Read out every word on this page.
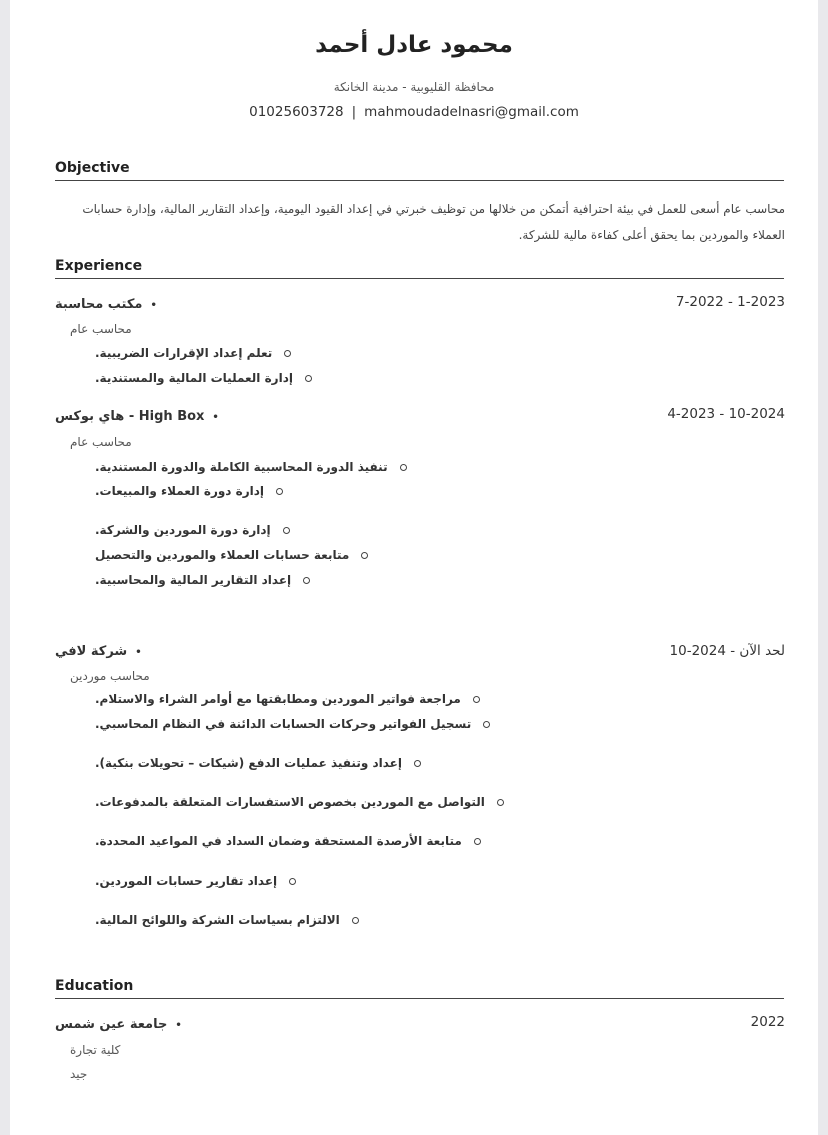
محمود عادل أحمد
محافظة القليوبية - مدينة الخانكة
01025603728 | mahmoudadelnasri@gmail.com
Objective
محاسب عام أسعى للعمل في بيئة احترافية أتمكن من خلالها من توظيف خبرتي في إعداد القيود اليومية، وإعداد التقارير المالية، وإدارة حسابات
العملاء والموردين بما يحقق أعلى كفاءة مالية للشركة.
Experience
7-2022 - 1-2023
•مكتب محاسبة
محاسب عام
تعلم إعداد الإقرارات الضريبية.
إدارة العمليات المالية والمستندية.
4-2023 - 10-2024
•High Box - هاي بوكس
محاسب عام
تنفيذ الدورة المحاسبية الكاملة والدورة المستندية.
إدارة دورة العملاء والمبيعات.
إدارة دورة الموردين والشركة.
متابعة حسابات العملاء والموردين والتحصيل
إعداد التقارير المالية والمحاسبية.
10-2024 - لحد الآن
•شركة لافي
محاسب موردين
مراجعة فواتير الموردين ومطابقتها مع أوامر الشراء والاستلام.
تسجيل الفواتير وحركات الحسابات الدائنة في النظام المحاسبي.
إعداد وتنفيذ عمليات الدفع (شيكات – تحويلات بنكية).
التواصل مع الموردين بخصوص الاستفسارات المتعلقة بالمدفوعات.
متابعة الأرصدة المستحقة وضمان السداد في المواعيد المحددة.
إعداد تقارير حسابات الموردين.
الالتزام بسياسات الشركة واللوائح المالية.
Education
2022
•جامعة عين شمس
كلية تجارة
جيد
